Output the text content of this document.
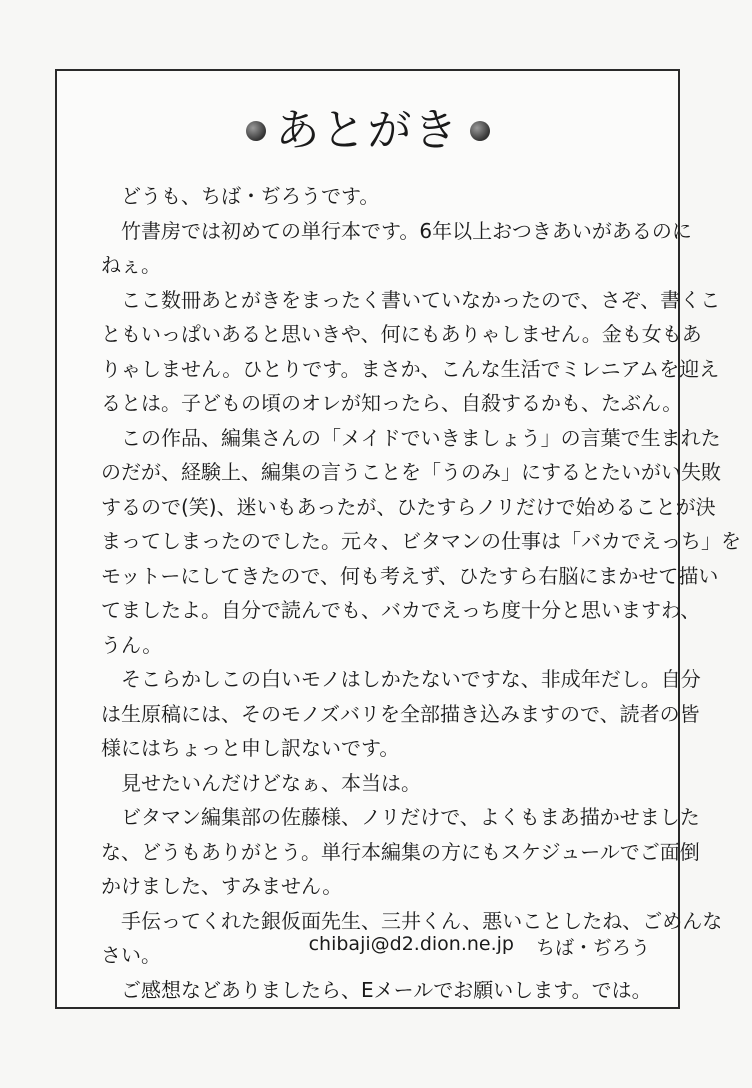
あとがき
どうも、ちば・ぢろうです。
竹書房では初めての単行本です。6年以上おつきあいがあるのに
ねぇ。
ここ数冊あとがきをまったく書いていなかったので、さぞ、書くこ
ともいっぱいあると思いきや、何にもありゃしません。金も女もあ
りゃしません。ひとりです。まさか、こんな生活でミレニアムを迎え
るとは。子どもの頃のオレが知ったら、自殺するかも、たぶん。
この作品、編集さんの「メイドでいきましょう」の言葉で生まれた
のだが、経験上、編集の言うことを「うのみ」にするとたいがい失敗
するので(笑)、迷いもあったが、ひたすらノリだけで始めることが決
まってしまったのでした。元々、ビタマンの仕事は「バカでえっち」を
モットーにしてきたので、何も考えず、ひたすら右脳にまかせて描い
てましたよ。自分で読んでも、バカでえっち度十分と思いますわ、
うん。
そこらかしこの白いモノはしかたないですな、非成年だし。自分
は生原稿には、そのモノズバリを全部描き込みますので、読者の皆
様にはちょっと申し訳ないです。
見せたいんだけどなぁ、本当は。
ビタマン編集部の佐藤様、ノリだけで、よくもまあ描かせました
な、どうもありがとう。単行本編集の方にもスケジュールでご面倒
かけました、すみません。
手伝ってくれた銀仮面先生、三井くん、悪いことしたね、ごめんな
さい。
ご感想などありましたら、Eメールでお願いします。では。
chibaji@d2.dion.ne.jp ちば・ぢろう
